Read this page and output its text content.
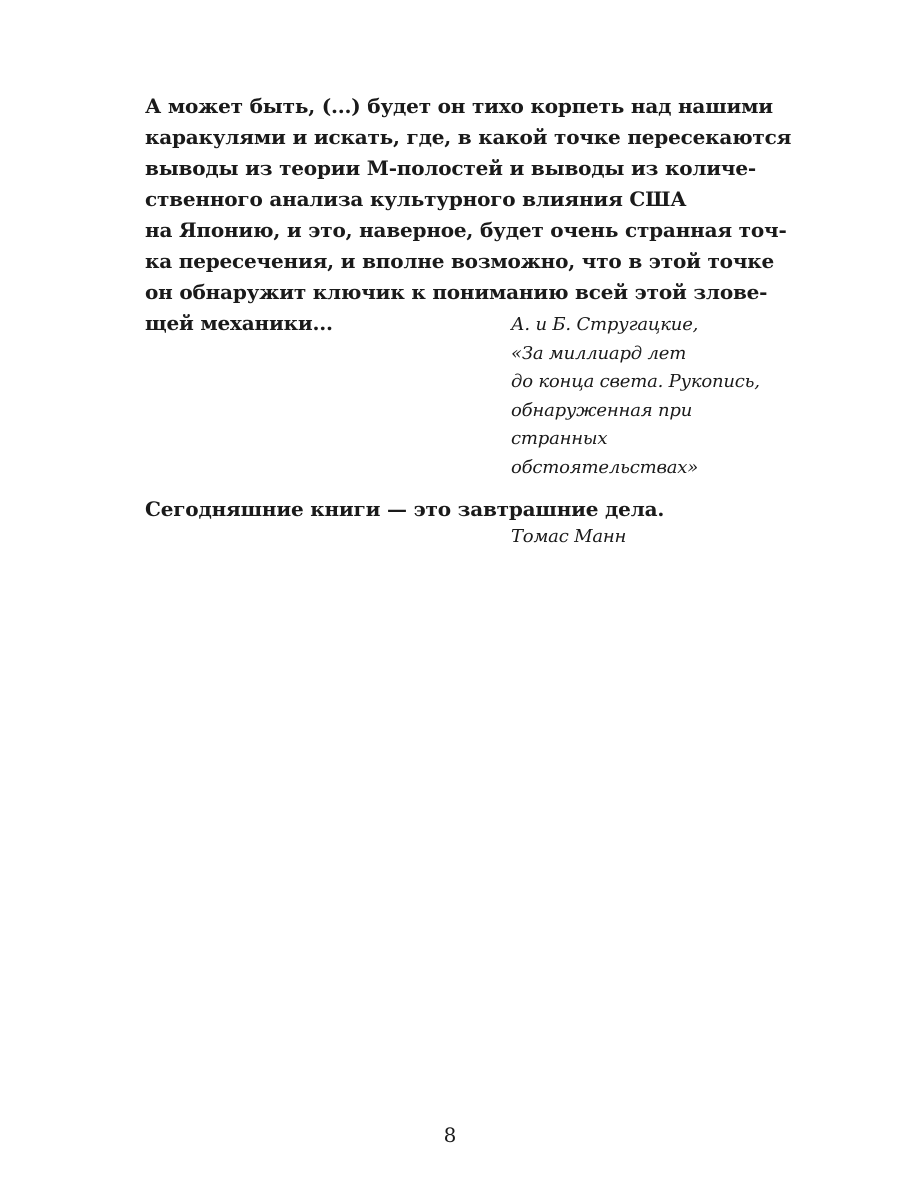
А может быть, (...) будет он тихо корпеть над нашими
каракулями и искать, где, в какой точке пересекаются
выводы из теории М-полостей и выводы из количе-
ственного анализа культурного влияния США
на Японию, и это, наверное, будет очень странная точ-
ка пересечения, и вполне возможно, что в этой точке
он обнаружит ключик к пониманию всей этой злове-
щей механики...	А. и Б. Стругацкие,
«За миллиард лет
до конца света. Рукопись,
обнаруженная при
странных
обстоятельствах»
Сегодняшние книги — это завтрашние дела.
Томас Манн
8
